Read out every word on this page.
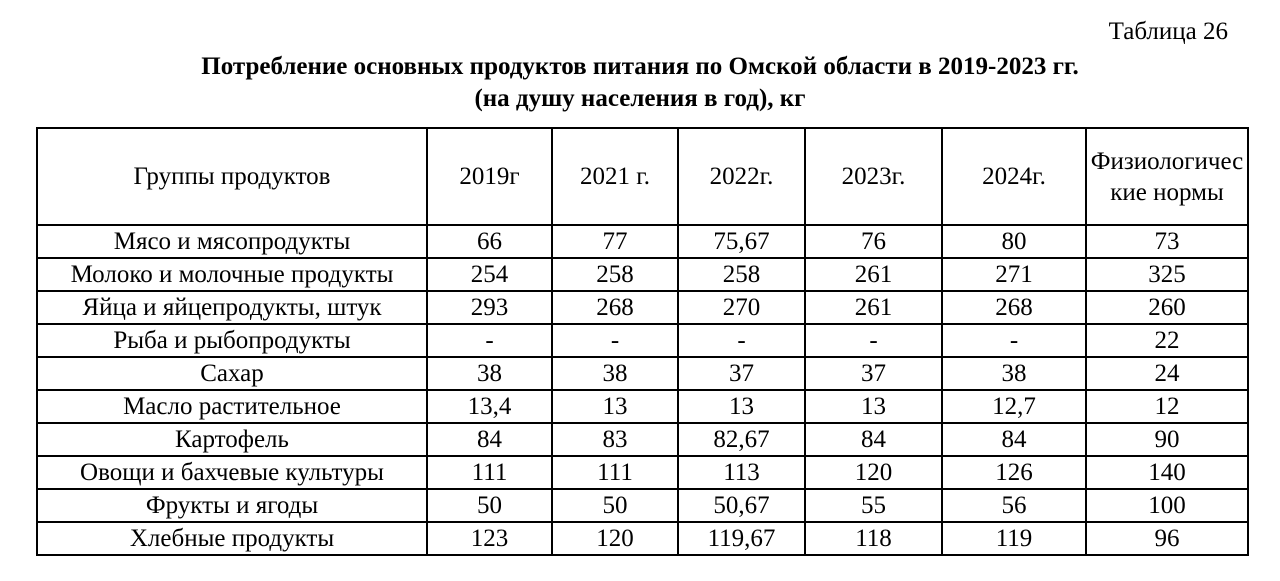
Таблица 26
Потребление основных продуктов питания по Омской области в 2019-2023 гг.
(на душу населения в год), кг
Группы продуктов	2019г	2021 г.	2022г.	2023г.	2024г.	Физиологические нормы
Мясо и мясопродукты	66	77	75,67	76	80	73
Молоко и молочные продукты	254	258	258	261	271	325
Яйца и яйцепродукты, штук	293	268	270	261	268	260
Рыба и рыбопродукты	-	-	-	-	-	22
Сахар	38	38	37	37	38	24
Масло растительное	13,4	13	13	13	12,7	12
Картофель	84	83	82,67	84	84	90
Овощи и бахчевые культуры	111	111	113	120	126	140
Фрукты и ягоды	50	50	50,67	55	56	100
Хлебные продукты	123	120	119,67	118	119	96
